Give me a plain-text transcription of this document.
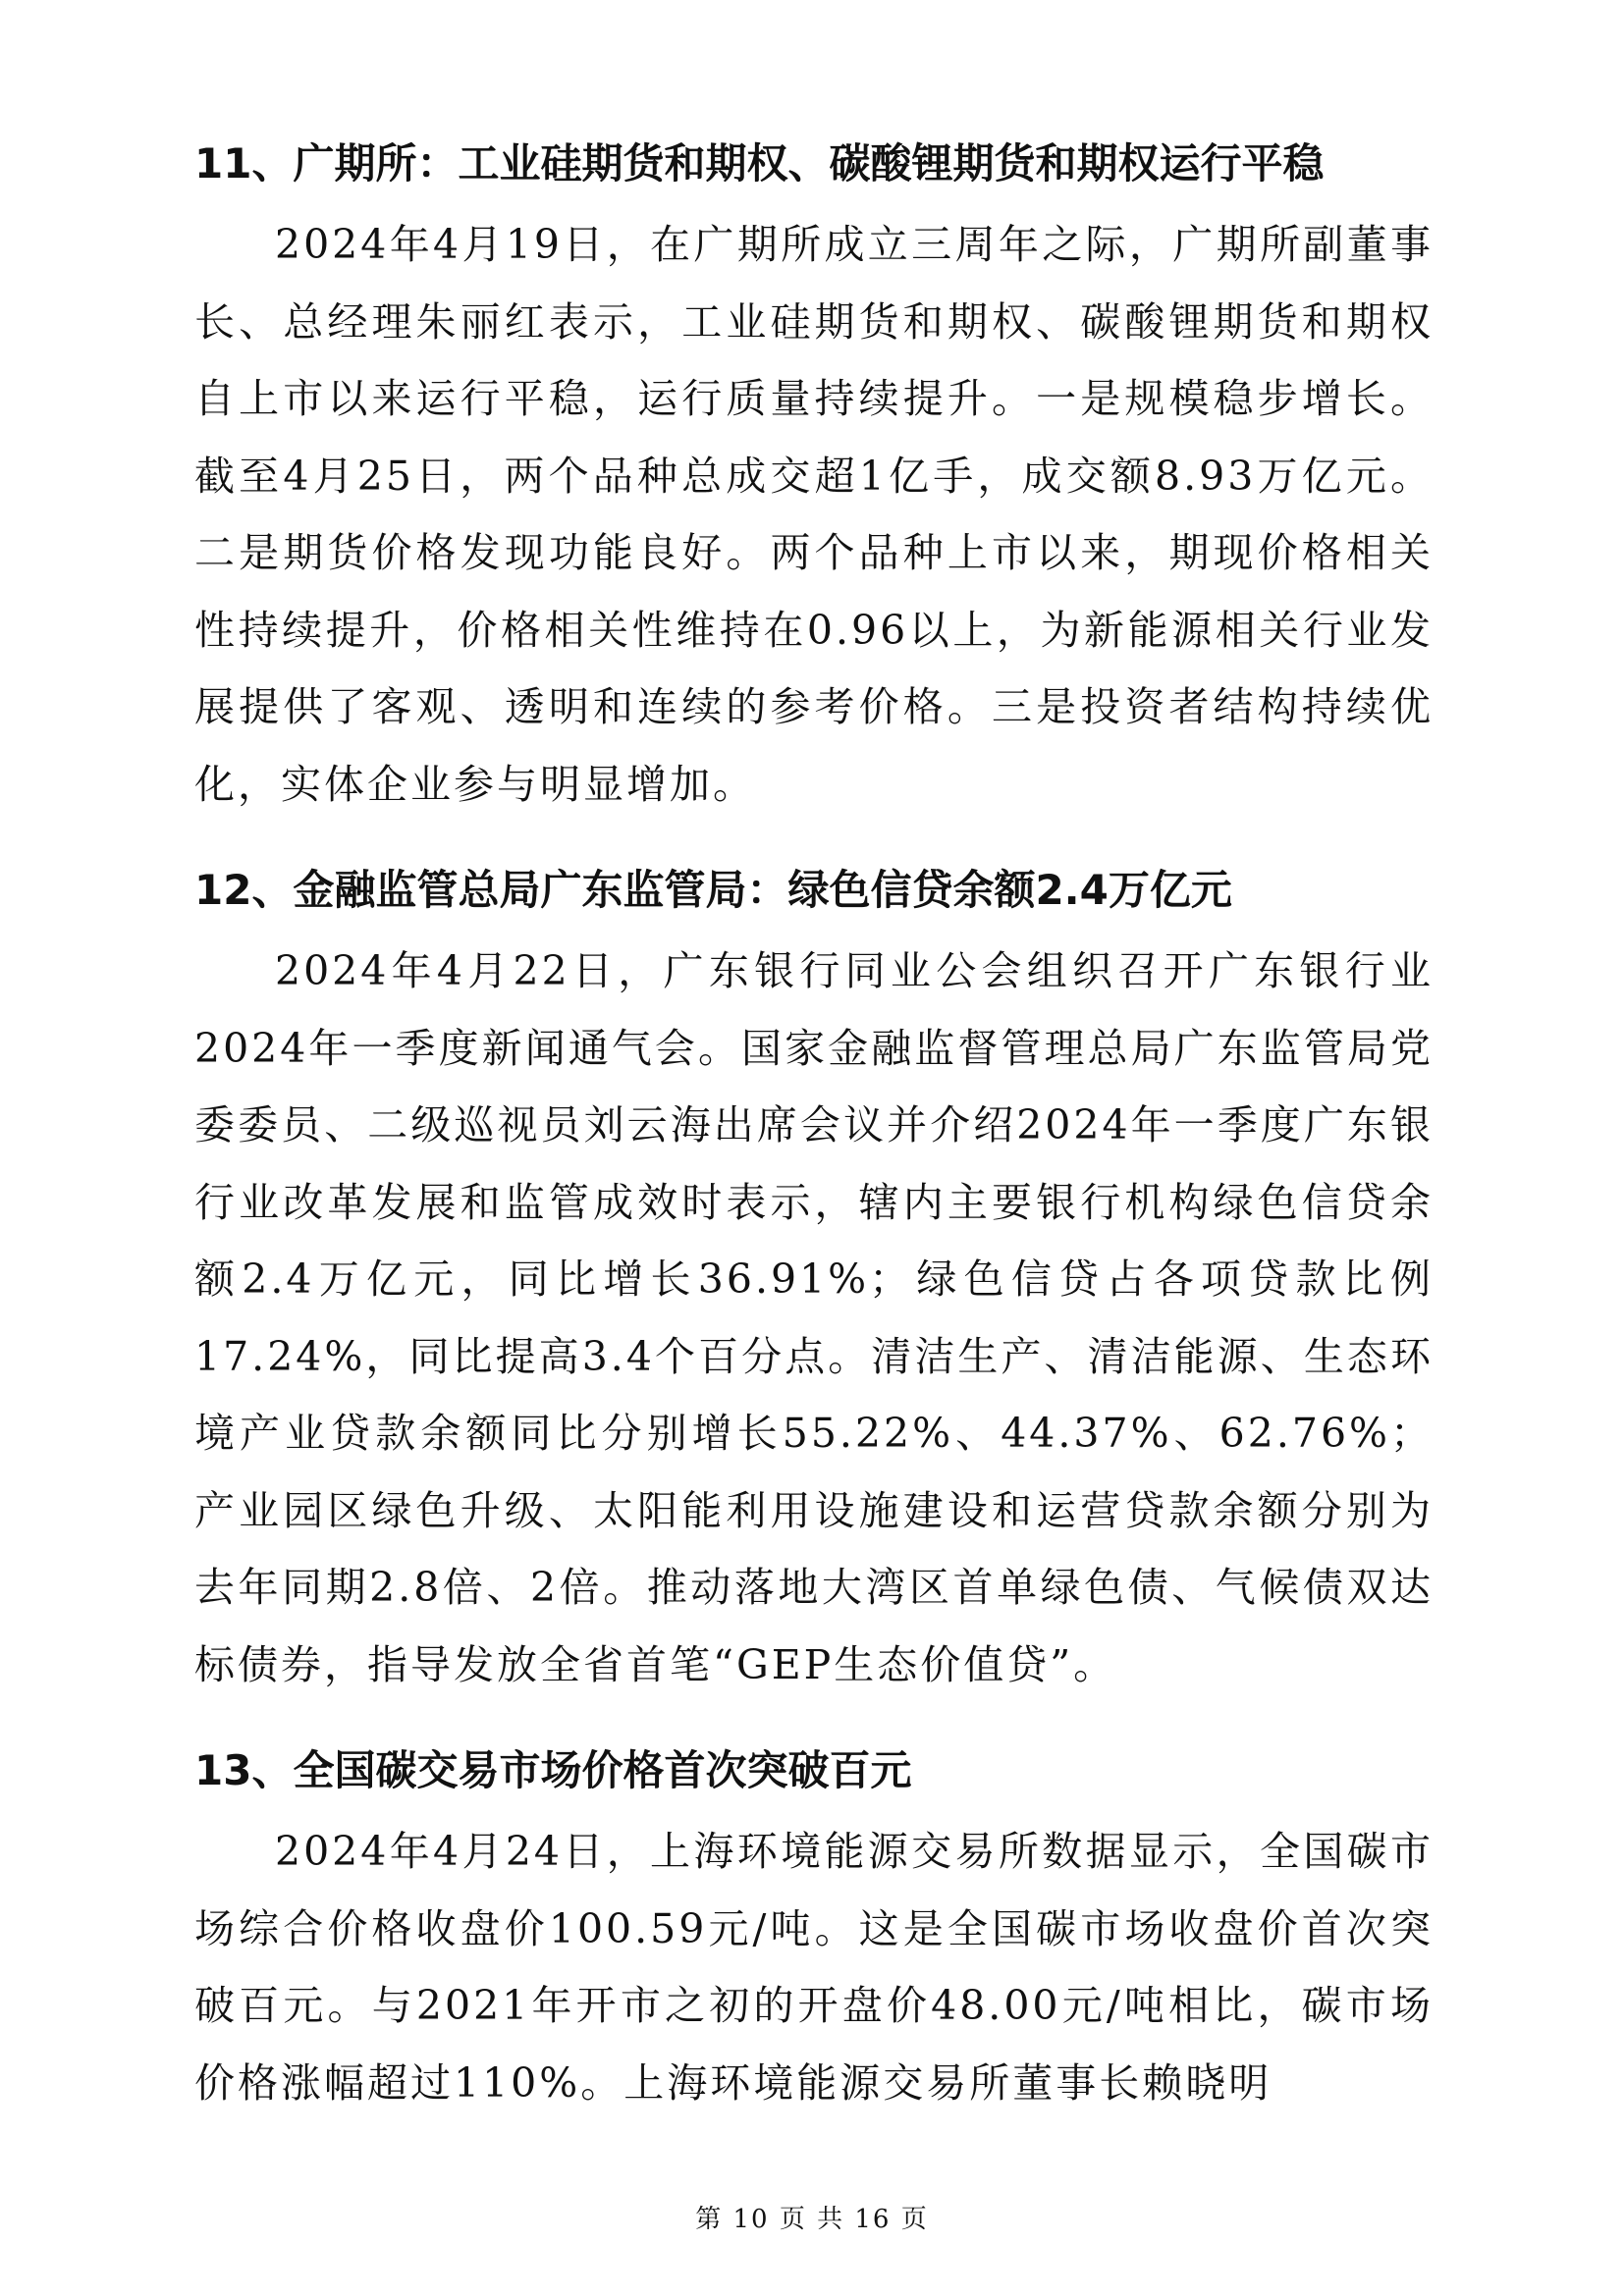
11、广期所：工业硅期货和期权、碳酸锂期货和期权运行平稳

2024年4月19日，在广期所成立三周年之际，广期所副董事长、总经理朱丽红表示，工业硅期货和期权、碳酸锂期货和期权自上市以来运行平稳，运行质量持续提升。一是规模稳步增长。截至4月25日，两个品种总成交超1亿手，成交额8.93万亿元。二是期货价格发现功能良好。两个品种上市以来，期现价格相关性持续提升，价格相关性维持在0.96以上，为新能源相关行业发展提供了客观、透明和连续的参考价格。三是投资者结构持续优化，实体企业参与明显增加。

12、金融监管总局广东监管局：绿色信贷余额2.4万亿元

2024年4月22日，广东银行同业公会组织召开广东银行业2024年一季度新闻通气会。国家金融监督管理总局广东监管局党委委员、二级巡视员刘云海出席会议并介绍2024年一季度广东银行业改革发展和监管成效时表示，辖内主要银行机构绿色信贷余额2.4万亿元，同比增长36.91%；绿色信贷占各项贷款比例17.24%，同比提高3.4个百分点。清洁生产、清洁能源、生态环境产业贷款余额同比分别增长55.22%、44.37%、62.76%；产业园区绿色升级、太阳能利用设施建设和运营贷款余额分别为去年同期2.8倍、2倍。推动落地大湾区首单绿色债、气候债双达标债券，指导发放全省首笔“GEP生态价值贷”。

13、全国碳交易市场价格首次突破百元

2024年4月24日，上海环境能源交易所数据显示，全国碳市场综合价格收盘价100.59元/吨。这是全国碳市场收盘价首次突破百元。与2021年开市之初的开盘价48.00元/吨相比，碳市场价格涨幅超过110%。上海环境能源交易所董事长赖晓明

第 10 页 共 16 页
